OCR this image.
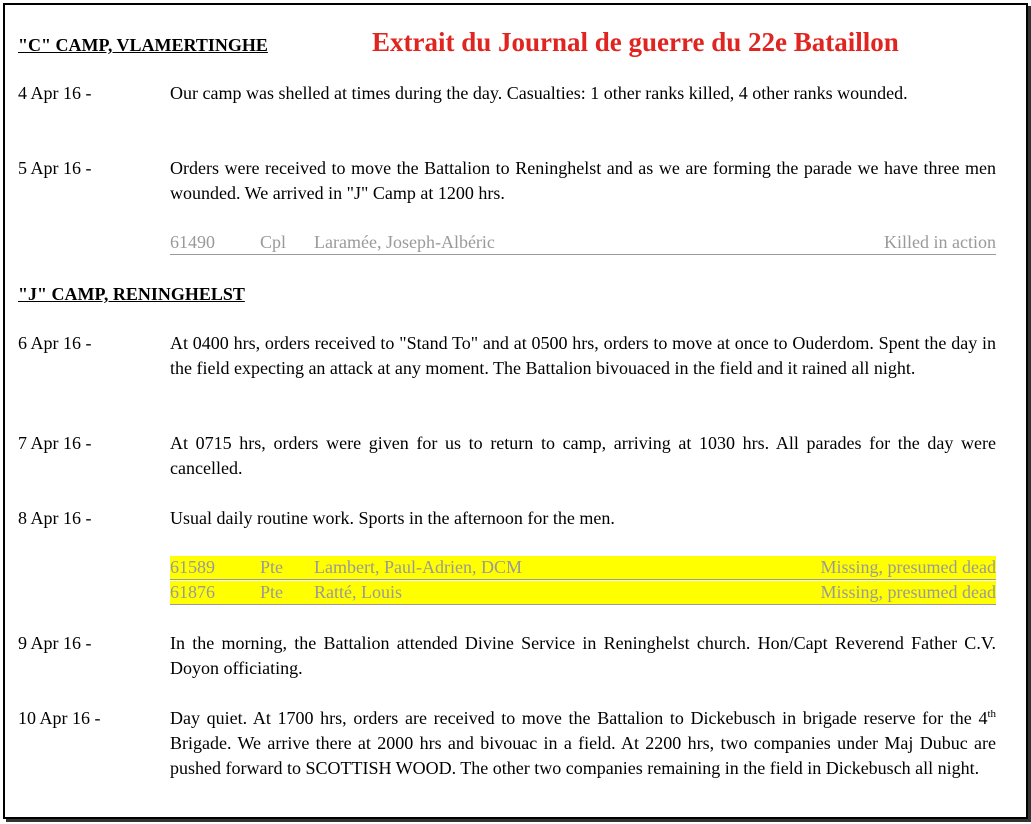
"C" CAMP, VLAMERTINGHE	Extrait du Journal de guerre du 22e Bataillon
4 Apr 16 -	Our camp was shelled at times during the day. Casualties: 1 other ranks killed, 4 other ranks wounded.
5 Apr 16 -	Orders were received to move the Battalion to Reninghelst and as we are forming the parade we have three men wounded. We arrived in "J" Camp at 1200 hrs.
61490	Cpl Laramée, Joseph-Albéric	Killed in action
"J" CAMP, RENINGHELST
6 Apr 16 -	At 0400 hrs, orders received to "Stand To" and at 0500 hrs, orders to move at once to Ouderdom. Spent the day in the field expecting an attack at any moment. The Battalion bivouaced in the field and it rained all night.
7 Apr 16 -	At 0715 hrs, orders were given for us to return to camp, arriving at 1030 hrs. All parades for the day were cancelled.
8 Apr 16 -	Usual daily routine work. Sports in the afternoon for the men.
61589	Pte Lambert, Paul-Adrien, DCM	Missing, presumed dead
61876	Pte Ratté, Louis	Missing, presumed dead
9 Apr 16 -	In the morning, the Battalion attended Divine Service in Reninghelst church. Hon/Capt Reverend Father C.V. Doyon officiating.
10 Apr 16 -	Day quiet. At 1700 hrs, orders are received to move the Battalion to Dickebusch in brigade reserve for the 4th Brigade. We arrive there at 2000 hrs and bivouac in a field. At 2200 hrs, two companies under Maj Dubuc are pushed forward to SCOTTISH WOOD. The other two companies remaining in the field in Dickebusch all night.
